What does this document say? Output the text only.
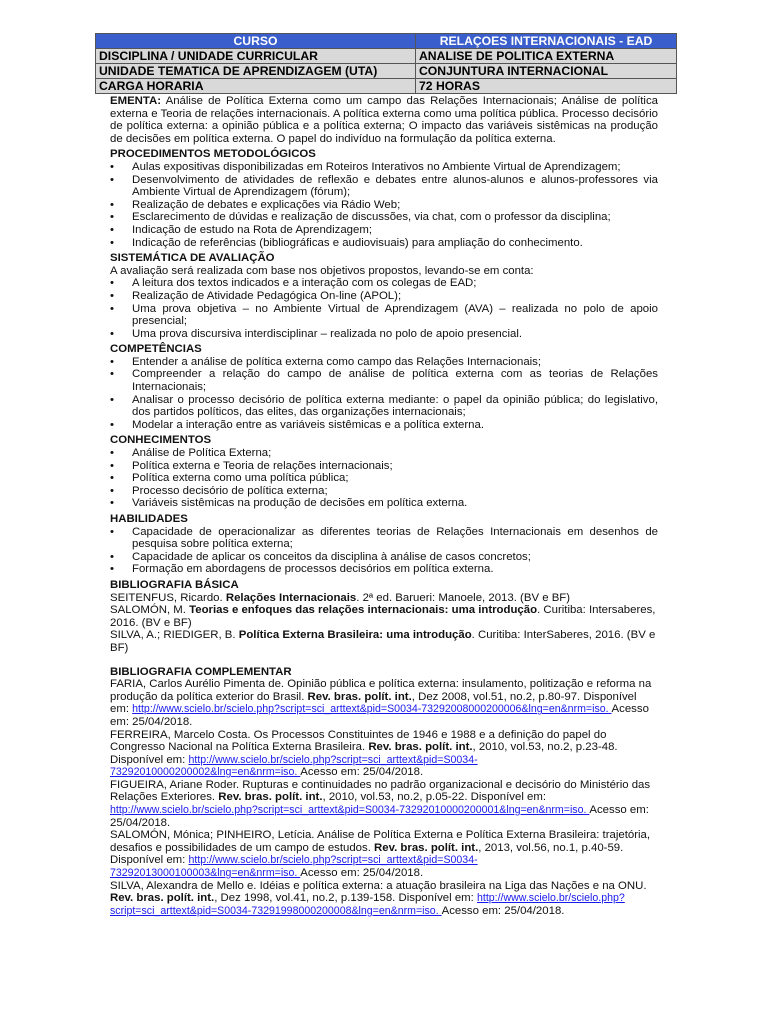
CURSO	RELAÇOES INTERNACIONAIS - EAD
DISCIPLINA / UNIDADE CURRICULAR	ANALISE DE POLITICA EXTERNA
UNIDADE TEMATICA DE APRENDIZAGEM (UTA)	CONJUNTURA INTERNACIONAL
CARGA HORARIA	72 HORAS

EMENTA: Análise de Política Externa como um campo das Relações Internacionais; Análise de política externa e Teoria de relações internacionais. A política externa como uma política pública. Processo decisório de política externa: a opinião pública e a política externa; O impacto das variáveis sistêmicas na produção de decisões em política externa. O papel do indivíduo na formulação da política externa.

PROCEDIMENTOS METODOLÓGICOS
• Aulas expositivas disponibilizadas em Roteiros Interativos no Ambiente Virtual de Aprendizagem;
• Desenvolvimento de atividades de reflexão e debates entre alunos-alunos e alunos-professores via Ambiente Virtual de Aprendizagem (fórum);
• Realização de debates e explicações via Rádio Web;
• Esclarecimento de dúvidas e realização de discussões, via chat, com o professor da disciplina;
• Indicação de estudo na Rota de Aprendizagem;
• Indicação de referências (bibliográficas e audiovisuais) para ampliação do conhecimento.
SISTEMÁTICA DE AVALIAÇÃO

A avaliação será realizada com base nos objetivos propostos, levando-se em conta:

• A leitura dos textos indicados e a interação com os colegas de EAD;
• Realização de Atividade Pedagógica On-line (APOL);
• Uma prova objetiva – no Ambiente Virtual de Aprendizagem (AVA) – realizada no polo de apoio presencial;
• Uma prova discursiva interdisciplinar – realizada no polo de apoio presencial.
COMPETÊNCIAS
• Entender a análise de política externa como campo das Relações Internacionais;
• Compreender a relação do campo de análise de política externa com as teorias de Relações Internacionais;
• Analisar o processo decisório de política externa mediante: o papel da opinião pública; do legislativo, dos partidos políticos, das elites, das organizações internacionais;
• Modelar a interação entre as variáveis sistêmicas e a política externa.
CONHECIMENTOS
• Análise de Política Externa;
• Política externa e Teoria de relações internacionais;
• Política externa como uma política pública;
• Processo decisório de política externa;
• Variáveis sistêmicas na produção de decisões em política externa.
HABILIDADES
• Capacidade de operacionalizar as diferentes teorias de Relações Internacionais em desenhos de pesquisa sobre política externa;
• Capacidade de aplicar os conceitos da disciplina à análise de casos concretos;
• Formação em abordagens de processos decisórios em política externa.
BIBLIOGRAFIA BÁSICA

SEITENFUS, Ricardo. Relações Internacionais. 2ª ed. Barueri: Manoele, 2013. (BV e BF)

SALOMÓN, M. Teorias e enfoques das relações internacionais: uma introdução. Curitiba: Intersaberes, 2016. (BV e BF)

SILVA, A.; RIEDIGER, B. Política Externa Brasileira: uma introdução. Curitiba: InterSaberes, 2016. (BV e BF)

BIBLIOGRAFIA COMPLEMENTAR

FARIA, Carlos Aurélio Pimenta de. Opinião pública e política externa: insulamento, politização e reforma na produção da política exterior do Brasil. Rev. bras. polít. int., Dez 2008, vol.51, no.2, p.80-97. Disponível em: http://www.scielo.br/scielo.php?script=sci_arttext&pid=S0034-73292008000200006&lng=en&nrm=iso. Acesso em: 25/04/2018.

FERREIRA, Marcelo Costa. Os Processos Constituintes de 1946 e 1988 e a definição do papel do Congresso Nacional na Política Externa Brasileira. Rev. bras. polít. int., 2010, vol.53, no.2, p.23-48. Disponível em: http://www.scielo.br/scielo.php?script=sci_arttext&pid=S0034-73292010000200002&lng=en&nrm=iso. Acesso em: 25/04/2018.

FIGUEIRA, Ariane Roder. Rupturas e continuidades no padrão organizacional e decisório do Ministério das Relações Exteriores. Rev. bras. polít. int., 2010, vol.53, no.2, p.05-22. Disponível em: http://www.scielo.br/scielo.php?script=sci_arttext&pid=S0034-73292010000200001&lng=en&nrm=iso. Acesso em: 25/04/2018.

SALOMÓN, Mónica; PINHEIRO, Letícia. Análise de Política Externa e Política Externa Brasileira: trajetória, desafios e possibilidades de um campo de estudos. Rev. bras. polít. int., 2013, vol.56, no.1, p.40-59. Disponível em: http://www.scielo.br/scielo.php?script=sci_arttext&pid=S0034-73292013000100003&lng=en&nrm=iso. Acesso em: 25/04/2018.

SILVA, Alexandra de Mello e. Idéias e política externa: a atuação brasileira na Liga das Nações e na ONU. Rev. bras. polít. int., Dez 1998, vol.41, no.2, p.139-158. Disponível em: http://www.scielo.br/scielo.php?script=sci_arttext&pid=S0034-73291998000200008&lng=en&nrm=iso. Acesso em: 25/04/2018.
